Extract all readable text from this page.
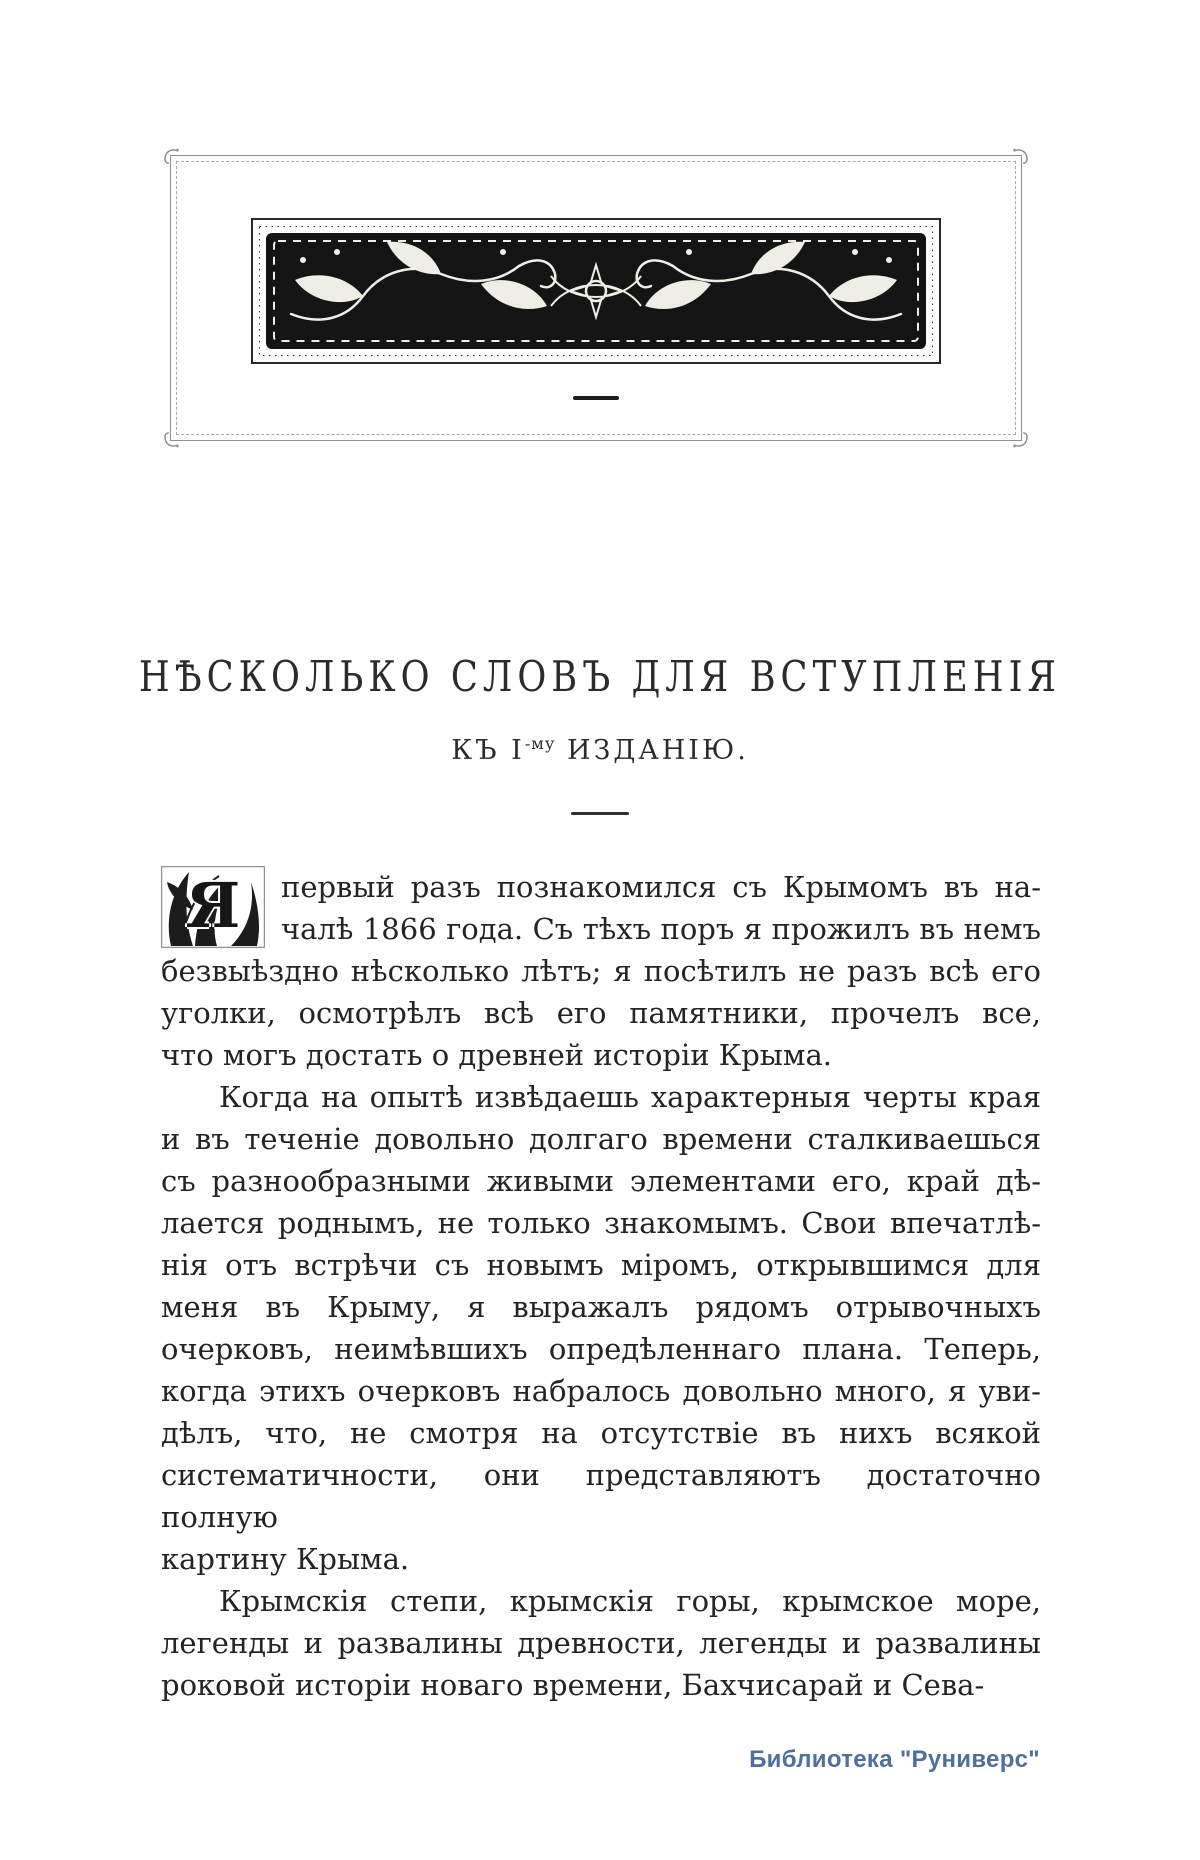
НѢСКОЛЬКО СЛОВЪ ДЛЯ ВСТУПЛЕНІЯ
КЪ $І^{-му}$ ИЗДАНІЮ.
Я	первый разъ познакомился съ Крымомъ въ на-
чалѣ 1866 года. Съ тѣхъ поръ я прожилъ въ немъ
безвыѣздно нѣсколько лѣтъ; я посѣтилъ не разъ всѣ его
уголки, осмотрѣлъ всѣ его памятники, прочелъ все,
что могъ достать о древней исторіи Крыма.
Когда на опытѣ извѣдаешь характерныя черты края
и въ теченіе довольно долгаго времени сталкиваешься
съ разнообразными живыми элементами его, край дѣ-
лается роднымъ, не только знакомымъ. Свои впечатлѣ-
нія отъ встрѣчи съ новымъ міромъ, открывшимся для
меня въ Крыму, я выражалъ рядомъ отрывочныхъ
очерковъ, неимѣвшихъ опредѣленнаго плана. Теперь,
когда этихъ очерковъ набралось довольно много, я уви-
дѣлъ, что, не смотря на отсутствіе въ нихъ всякой
систематичности, они представляютъ достаточно полную
картину Крыма.
Крымскія степи, крымскія горы, крымское море,
легенды и развалины древности, легенды и развалины
роковой исторіи новаго времени, Бахчисарай и Сева-
Библиотека "Руниверс"
